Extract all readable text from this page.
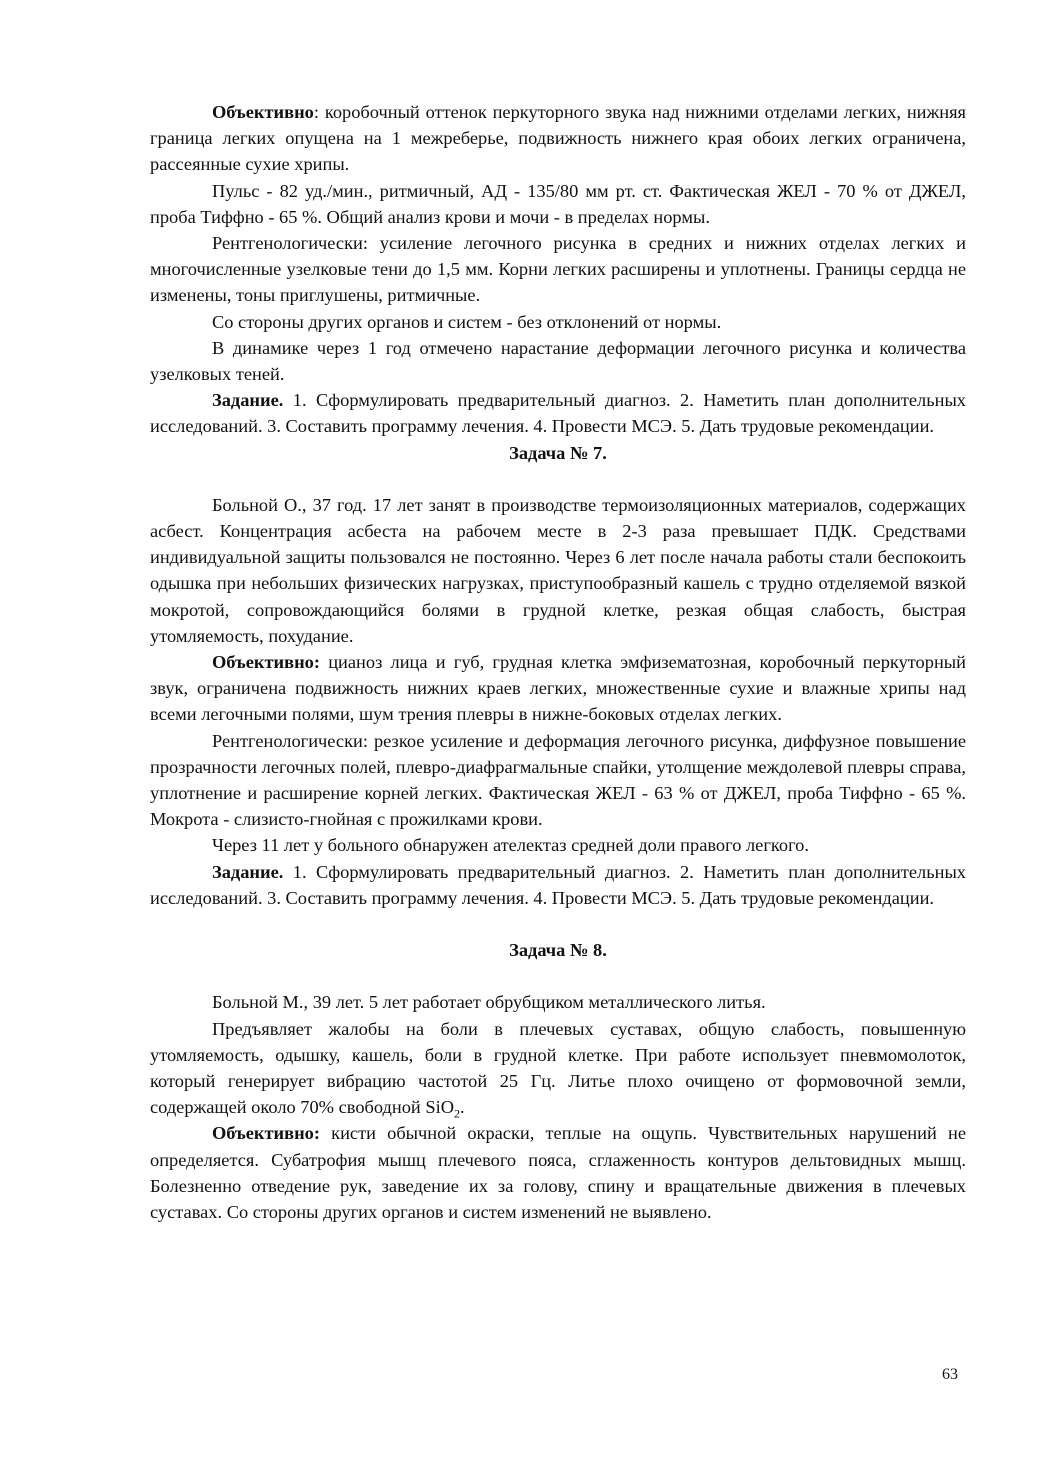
Объективно: коробочный оттенок перкуторного звука над нижними отделами легких, нижняя граница легких опущена на 1 межреберье, подвижность нижнего края обоих легких ограничена, рассеянные сухие хрипы.

Пульс - 82 уд./мин., ритмичный, АД - 135/80 мм рт. ст. Фактическая ЖЕЛ - 70 % от ДЖЕЛ, проба Тиффно - 65 %. Общий анализ крови и мочи - в пределах нормы.

Рентгенологически: усиление легочного рисунка в средних и нижних отделах легких и многочисленные узелковые тени до 1,5 мм. Корни легких расширены и уплотнены. Границы сердца не изменены, тоны приглушены, ритмичные.

Со стороны других органов и систем - без отклонений от нормы.

В динамике через 1 год отмечено нарастание деформации легочного рисунка и количества узелковых теней.

Задание. 1. Сформулировать предварительный диагноз. 2. Наметить план дополнительных исследований. 3. Составить программу лечения. 4. Провести МСЭ. 5. Дать трудовые рекомендации.

Задача № 7.

Больной О., 37 год. 17 лет занят в производстве термоизоляционных материалов, содержащих асбест. Концентрация асбеста на рабочем месте в 2-3 раза превышает ПДК. Средствами индивидуальной защиты пользовался не постоянно. Через 6 лет после начала работы стали беспокоить одышка при небольших физических нагрузках, приступообразный кашель с трудно отделяемой вязкой мокротой, сопровождающийся болями в грудной клетке, резкая общая слабость, быстрая утомляемость, похудание.

Объективно: цианоз лица и губ, грудная клетка эмфизематозная, коробочный перкуторный звук, ограничена подвижность нижних краев легких, множественные сухие и влажные хрипы над всеми легочными полями, шум трения плевры в нижне-боковых отделах легких.

Рентгенологически: резкое усиление и деформация легочного рисунка, диффузное повышение прозрачности легочных полей, плевро-диафрагмальные спайки, утолщение междолевой плевры справа, уплотнение и расширение корней легких. Фактическая ЖЕЛ - 63 % от ДЖЕЛ, проба Тиффно - 65 %. Мокрота - слизисто-гнойная с прожилками крови.

Через 11 лет у больного обнаружен ателектаз средней доли правого легкого.

Задание. 1. Сформулировать предварительный диагноз. 2. Наметить план дополнительных исследований. 3. Составить программу лечения. 4. Провести МСЭ. 5. Дать трудовые рекомендации.

Задача № 8.

Больной М., 39 лет. 5 лет работает обрубщиком металлического литья.

Предъявляет жалобы на боли в плечевых суставах, общую слабость, повышенную утомляемость, одышку, кашель, боли в грудной клетке. При работе использует пневмомолоток, который генерирует вибрацию частотой 25 Гц. Литье плохо очищено от формовочной земли, содержащей около 70% свободной SiO$_2$.

Объективно: кисти обычной окраски, теплые на ощупь. Чувствительных нарушений не определяется. Субатрофия мышц плечевого пояса, сглаженность контуров дельтовидных мышц. Болезненно отведение рук, заведение их за голову, спину и вращательные движения в плечевых суставах. Со стороны других органов и систем изменений не выявлено.

63
